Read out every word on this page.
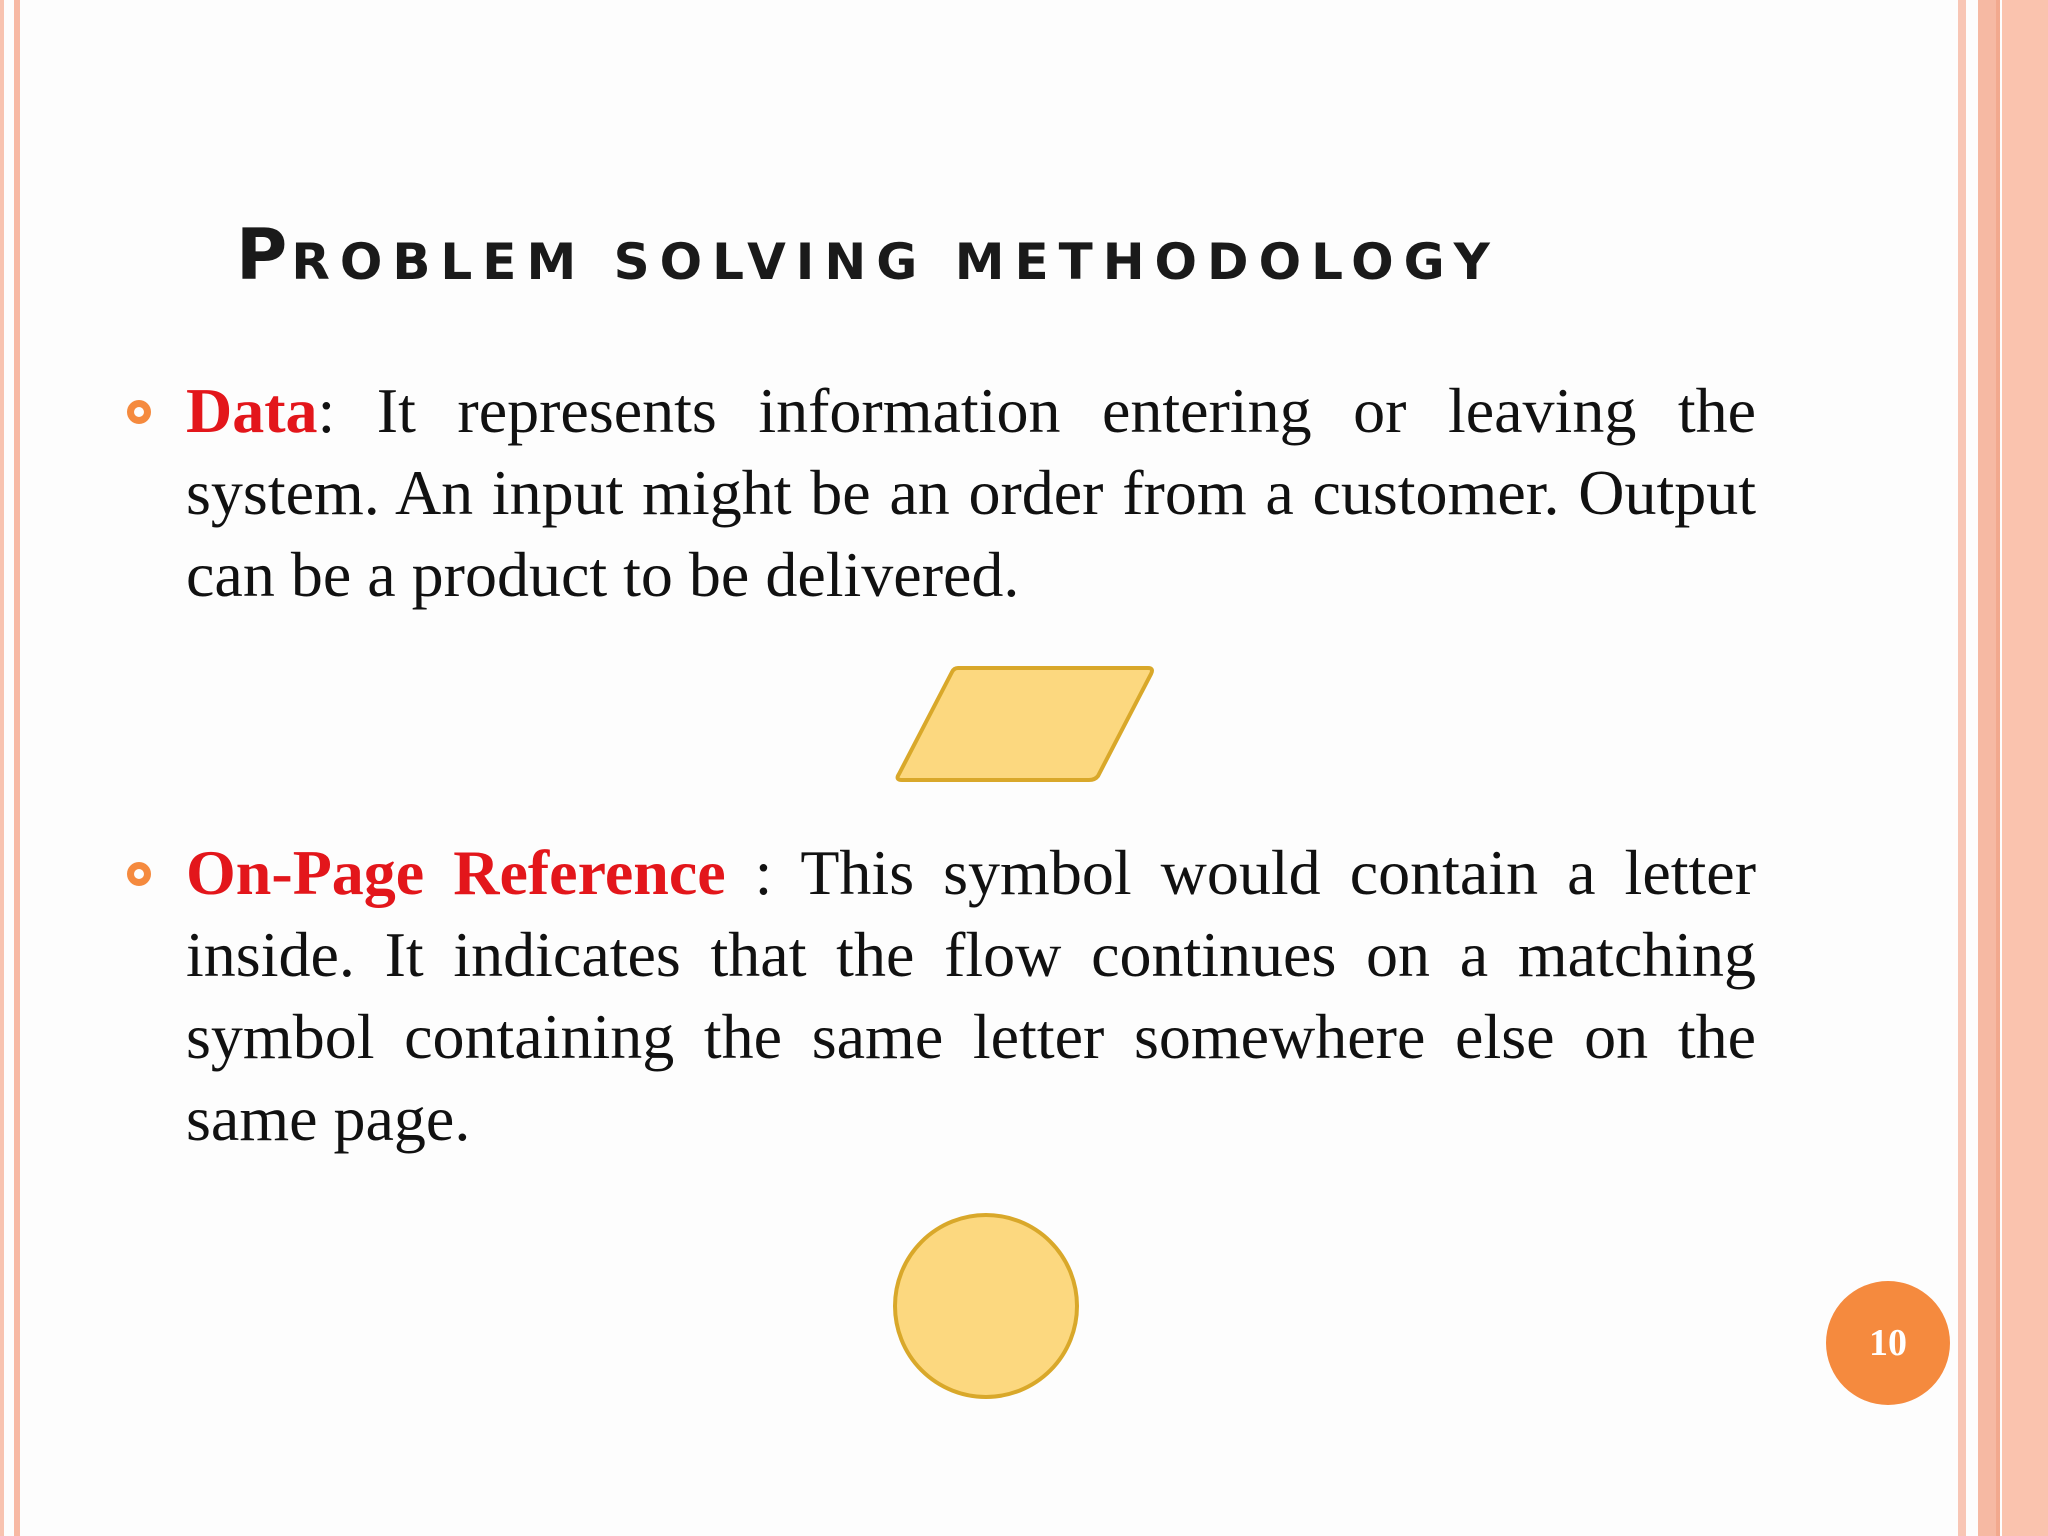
PROBLEM SOLVING METHODOLOGY
Data: It represents information entering or leaving the system. An input might be an order from a customer. Output can be a product to be delivered.
On-Page Reference : This symbol would contain a letter inside. It indicates that the flow continues on a matching symbol containing the same letter somewhere else on the same page.
10
